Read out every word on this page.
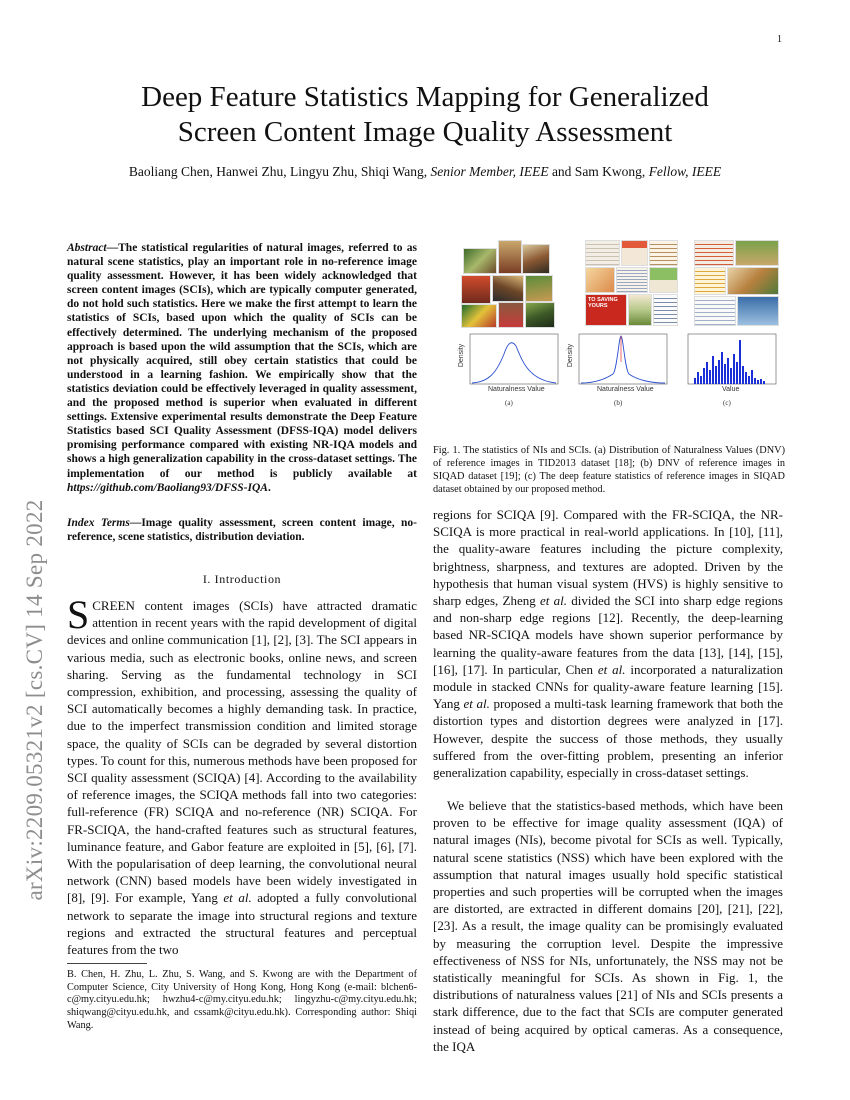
1
arXiv:2209.05321v2 [cs.CV] 14 Sep 2022
Deep Feature Statistics Mapping for Generalized
Screen Content Image Quality Assessment
Baoliang Chen, Hanwei Zhu, Lingyu Zhu, Shiqi Wang, Senior Member, IEEE and Sam Kwong, Fellow, IEEE
Abstract—The statistical regularities of natural images, referred to as natural scene statistics, play an important role in no-reference image quality assessment. However, it has been widely acknowledged that screen content images (SCIs), which are typically computer generated, do not hold such statistics. Here we make the first attempt to learn the statistics of SCIs, based upon which the quality of SCIs can be effectively determined. The underlying mechanism of the proposed approach is based upon the wild assumption that the SCIs, which are not physically acquired, still obey certain statistics that could be understood in a learning fashion. We empirically show that the statistics deviation could be effectively leveraged in quality assessment, and the proposed method is superior when evaluated in different settings. Extensive experimental results demonstrate the Deep Feature Statistics based SCI Quality Assessment (DFSS-IQA) model delivers promising performance compared with existing NR-IQA models and shows a high generalization capability in the cross-dataset settings. The implementation of our method is publicly available at https://github.com/Baoliang93/DFSS-IQA.
Index Terms—Image quality assessment, screen content image, no-reference, scene statistics, distribution deviation.
I. Introduction
SCREEN content images (SCIs) have attracted dramatic attention in recent years with the rapid development of digital devices and online communication [1], [2], [3]. The SCI appears in various media, such as electronic books, online news, and screen sharing. Serving as the fundamental technology in SCI compression, exhibition, and processing, assessing the quality of SCI automatically becomes a highly demanding task. In practice, due to the imperfect transmission condition and limited storage space, the quality of SCIs can be degraded by several distortion types. To count for this, numerous methods have been proposed for SCI quality assessment (SCIQA) [4]. According to the availability of reference images, the SCIQA methods fall into two categories: full-reference (FR) SCIQA and no-reference (NR) SCIQA. For FR-SCIQA, the hand-crafted features such as structural features, luminance feature, and Gabor feature are exploited in [5], [6], [7]. With the popularisation of deep learning, the convolutional neural network (CNN) based models have been widely investigated in [8], [9]. For example, Yang et al. adopted a fully convolutional network to separate the image into structural regions and texture regions and extracted the structural features and perceptual features from the two
B. Chen, H. Zhu, L. Zhu, S. Wang, and S. Kwong are with the Department of Computer Science, City University of Hong Kong, Hong Kong (e-mail: blchen6-c@my.cityu.edu.hk; hwzhu4-c@my.cityu.edu.hk; lingyzhu-c@my.cityu.edu.hk; shiqwang@cityu.edu.hk, and cssamk@cityu.edu.hk). Corresponding author: Shiqi Wang.
TO SAVING YOURS
Naturalness Value
Density
(a)
Naturalness Value
Density
(b)
Value
(c)
Fig. 1. The statistics of NIs and SCIs. (a) Distribution of Naturalness Values (DNV) of reference images in TID2013 dataset [18]; (b) DNV of reference images in SIQAD dataset [19]; (c) The deep feature statistics of reference images in SIQAD dataset obtained by our proposed method.
regions for SCIQA [9]. Compared with the FR-SCIQA, the NR-SCIQA is more practical in real-world applications. In [10], [11], the quality-aware features including the picture complexity, brightness, sharpness, and textures are adopted. Driven by the hypothesis that human visual system (HVS) is highly sensitive to sharp edges, Zheng et al. divided the SCI into sharp edge regions and non-sharp edge regions [12]. Recently, the deep-learning based NR-SCIQA models have shown superior performance by learning the quality-aware features from the data [13], [14], [15], [16], [17]. In particular, Chen et al. incorporated a naturalization module in stacked CNNs for quality-aware feature learning [15]. Yang et al. proposed a multi-task learning framework that both the distortion types and distortion degrees were analyzed in [17]. However, despite the success of those methods, they usually suffered from the over-fitting problem, presenting an inferior generalization capability, especially in cross-dataset settings.
We believe that the statistics-based methods, which have been proven to be effective for image quality assessment (IQA) of natural images (NIs), become pivotal for SCIs as well. Typically, natural scene statistics (NSS) which have been explored with the assumption that natural images usually hold specific statistical properties and such properties will be corrupted when the images are distorted, are extracted in different domains [20], [21], [22], [23]. As a result, the image quality can be promisingly evaluated by measuring the corruption level. Despite the impressive effectiveness of NSS for NIs, unfortunately, the NSS may not be statistically meaningful for SCIs. As shown in Fig. 1, the distributions of naturalness values [21] of NIs and SCIs presents a stark difference, due to the fact that SCIs are computer generated instead of being acquired by optical cameras. As a consequence, the IQA
